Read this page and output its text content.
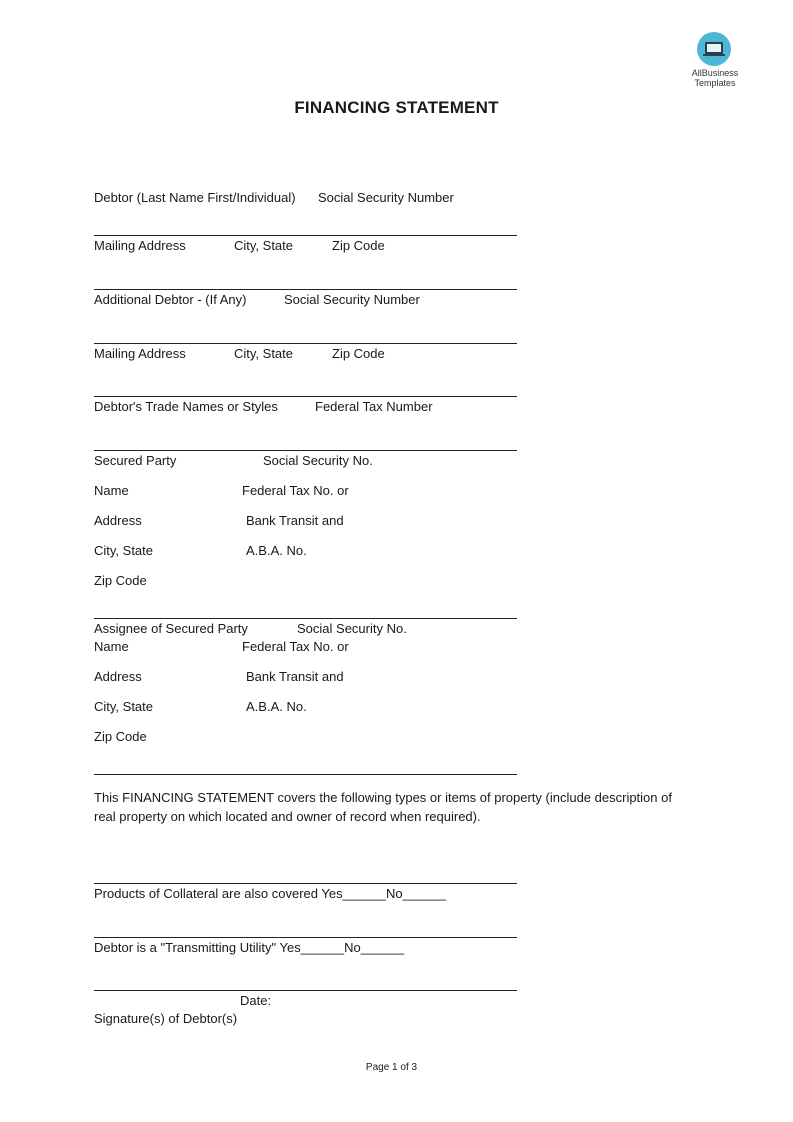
AllBusiness
Templates
FINANCING STATEMENT
Debtor (Last Name First/Individual) Social Security Number
Mailing Address	City, State	Zip Code
Additional Debtor - (If Any)	Social Security Number
Mailing Address	City, State	Zip Code
Debtor's Trade Names or Styles	Federal Tax Number
Secured Party	Social Security No.
Name	Federal Tax No. or
Address	Bank Transit and
City, State	A.B.A. No.
Zip Code
Assignee of Secured Party	Social Security No.
Name	Federal Tax No. or
Address	Bank Transit and
City, State	A.B.A. No.
Zip Code
This FINANCING STATEMENT covers the following types or items of property (include description of real property on which located and owner of record when required).
Products of Collateral are also covered Yes______No______
Debtor is a "Transmitting Utility" Yes______No______
Date:
Signature(s) of Debtor(s)
Page 1 of 3
